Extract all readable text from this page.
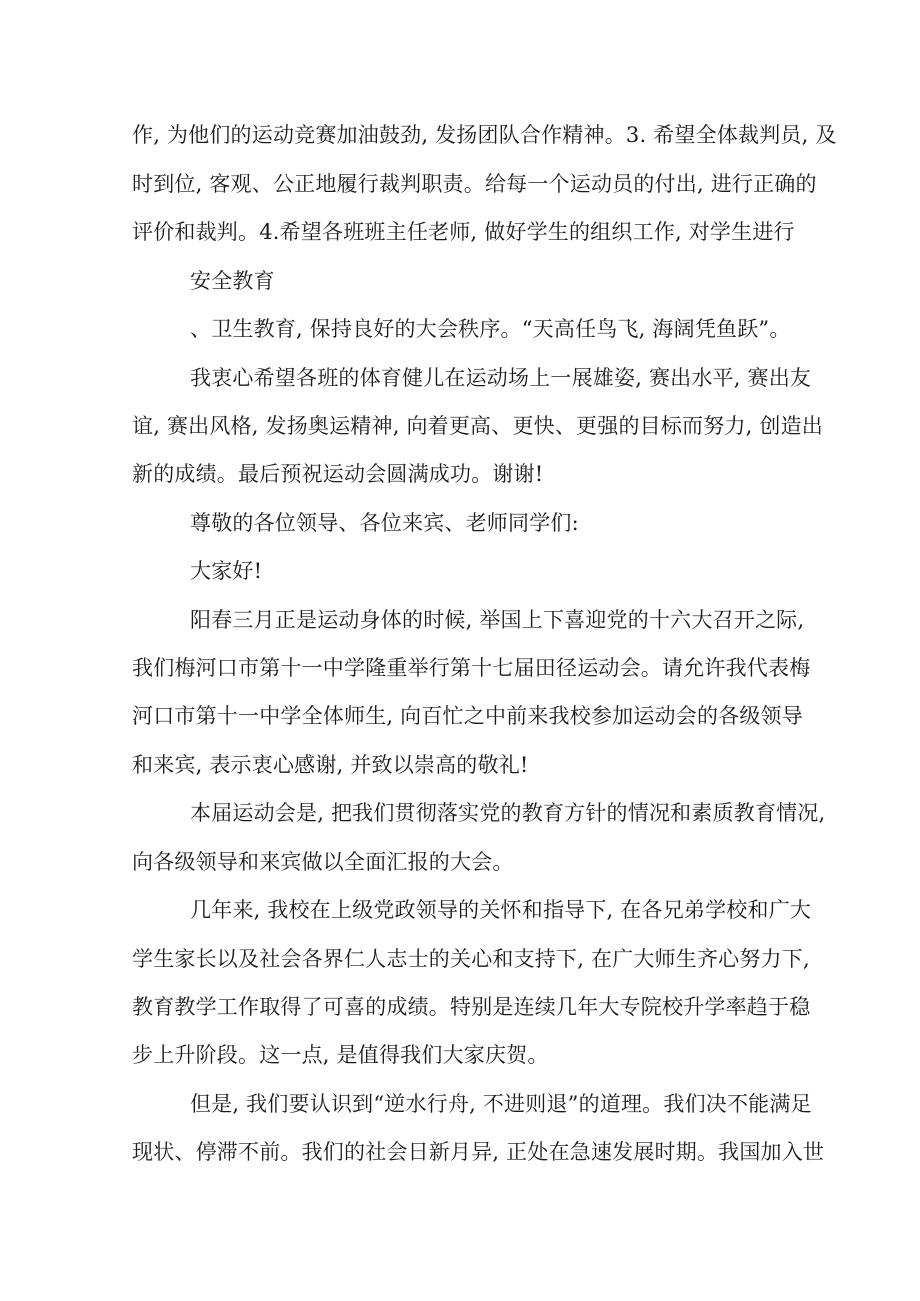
作, 为他们的运动竞赛加油鼓劲, 发扬团队合作精神。3. 希望全体裁判员, 及
时到位, 客观、公正地履行裁判职责。给每一个运动员的付出, 进行正确的
评价和裁判。4.希望各班班主任老师, 做好学生的组织工作, 对学生进行
安全教育
、卫生教育, 保持良好的大会秩序。“天高任鸟飞, 海阔凭鱼跃”。
我衷心希望各班的体育健儿在运动场上一展雄姿, 赛出水平, 赛出友
谊, 赛出风格, 发扬奥运精神, 向着更高、更快、更强的目标而努力, 创造出
新的成绩。最后预祝运动会圆满成功。谢谢!
尊敬的各位领导、各位来宾、老师同学们:
大家好!
阳春三月正是运动身体的时候, 举国上下喜迎党的十六大召开之际,
我们梅河口市第十一中学隆重举行第十七届田径运动会。请允许我代表梅
河口市第十一中学全体师生, 向百忙之中前来我校参加运动会的各级领导
和来宾, 表示衷心感谢, 并致以崇高的敬礼!
本届运动会是, 把我们贯彻落实党的教育方针的情况和素质教育情况,
向各级领导和来宾做以全面汇报的大会。
几年来, 我校在上级党政领导的关怀和指导下, 在各兄弟学校和广大
学生家长以及社会各界仁人志士的关心和支持下, 在广大师生齐心努力下,
教育教学工作取得了可喜的成绩。特别是连续几年大专院校升学率趋于稳
步上升阶段。这一点, 是值得我们大家庆贺。
但是, 我们要认识到“逆水行舟, 不进则退”的道理。我们决不能满足
现状、停滞不前。我们的社会日新月异, 正处在急速发展时期。我国加入世
